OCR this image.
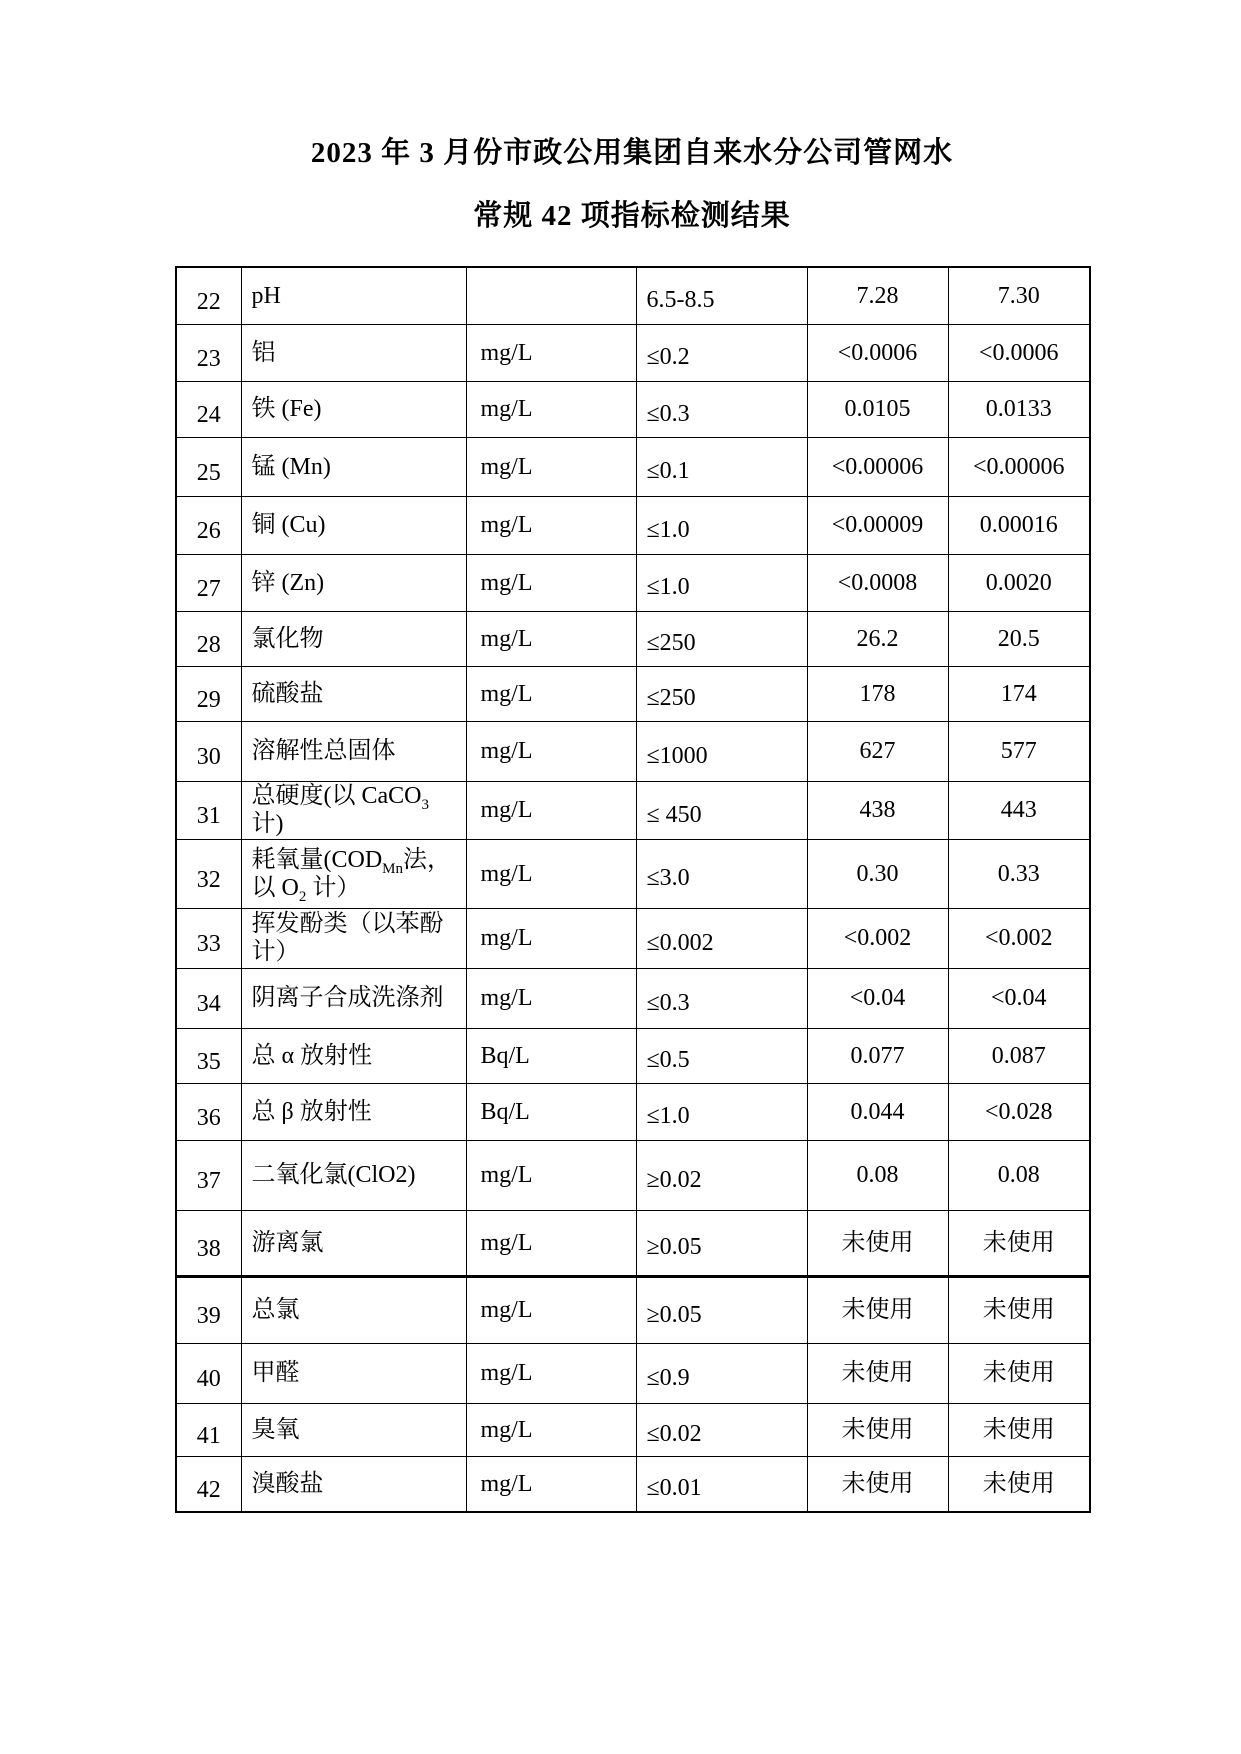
2023 年 3 月份市政公用集团自来水分公司管网水
常规 42 项指标检测结果
22	pH		6.5-8.5	7.28	7.30
23	铝	mg/L	≤0.2	<0.0006	<0.0006
24	铁 (Fe)	mg/L	≤0.3	0.0105	0.0133
25	锰 (Mn)	mg/L	≤0.1	<0.00006	<0.00006
26	铜 (Cu)	mg/L	≤1.0	<0.00009	0.00016
27	锌 (Zn)	mg/L	≤1.0	<0.0008	0.0020
28	氯化物	mg/L	≤250	26.2	20.5
29	硫酸盐	mg/L	≤250	178	174
30	溶解性总固体	mg/L	≤1000	627	577
31	总硬度(以 CaCO$_3$ 计)	mg/L	≤ 450	438	443
32	耗氧量($COD_{Mn}$法，以 $O_2$ 计）	mg/L	≤3.0	0.30	0.33
33	挥发酚类（以苯酚计）	mg/L	≤0.002	<0.002	<0.002
34	阴离子合成洗涤剂	mg/L	≤0.3	<0.04	<0.04
35	总 α 放射性	Bq/L	≤0.5	0.077	0.087
36	总 β 放射性	Bq/L	≤1.0	0.044	<0.028
37	二氧化氯(ClO2)	mg/L	≥0.02	0.08	0.08
38	游离氯	mg/L	≥0.05	未使用	未使用
39	总氯	mg/L	≥0.05	未使用	未使用
40	甲醛	mg/L	≤0.9	未使用	未使用
41	臭氧	mg/L	≤0.02	未使用	未使用
42	溴酸盐	mg/L	≤0.01	未使用	未使用
